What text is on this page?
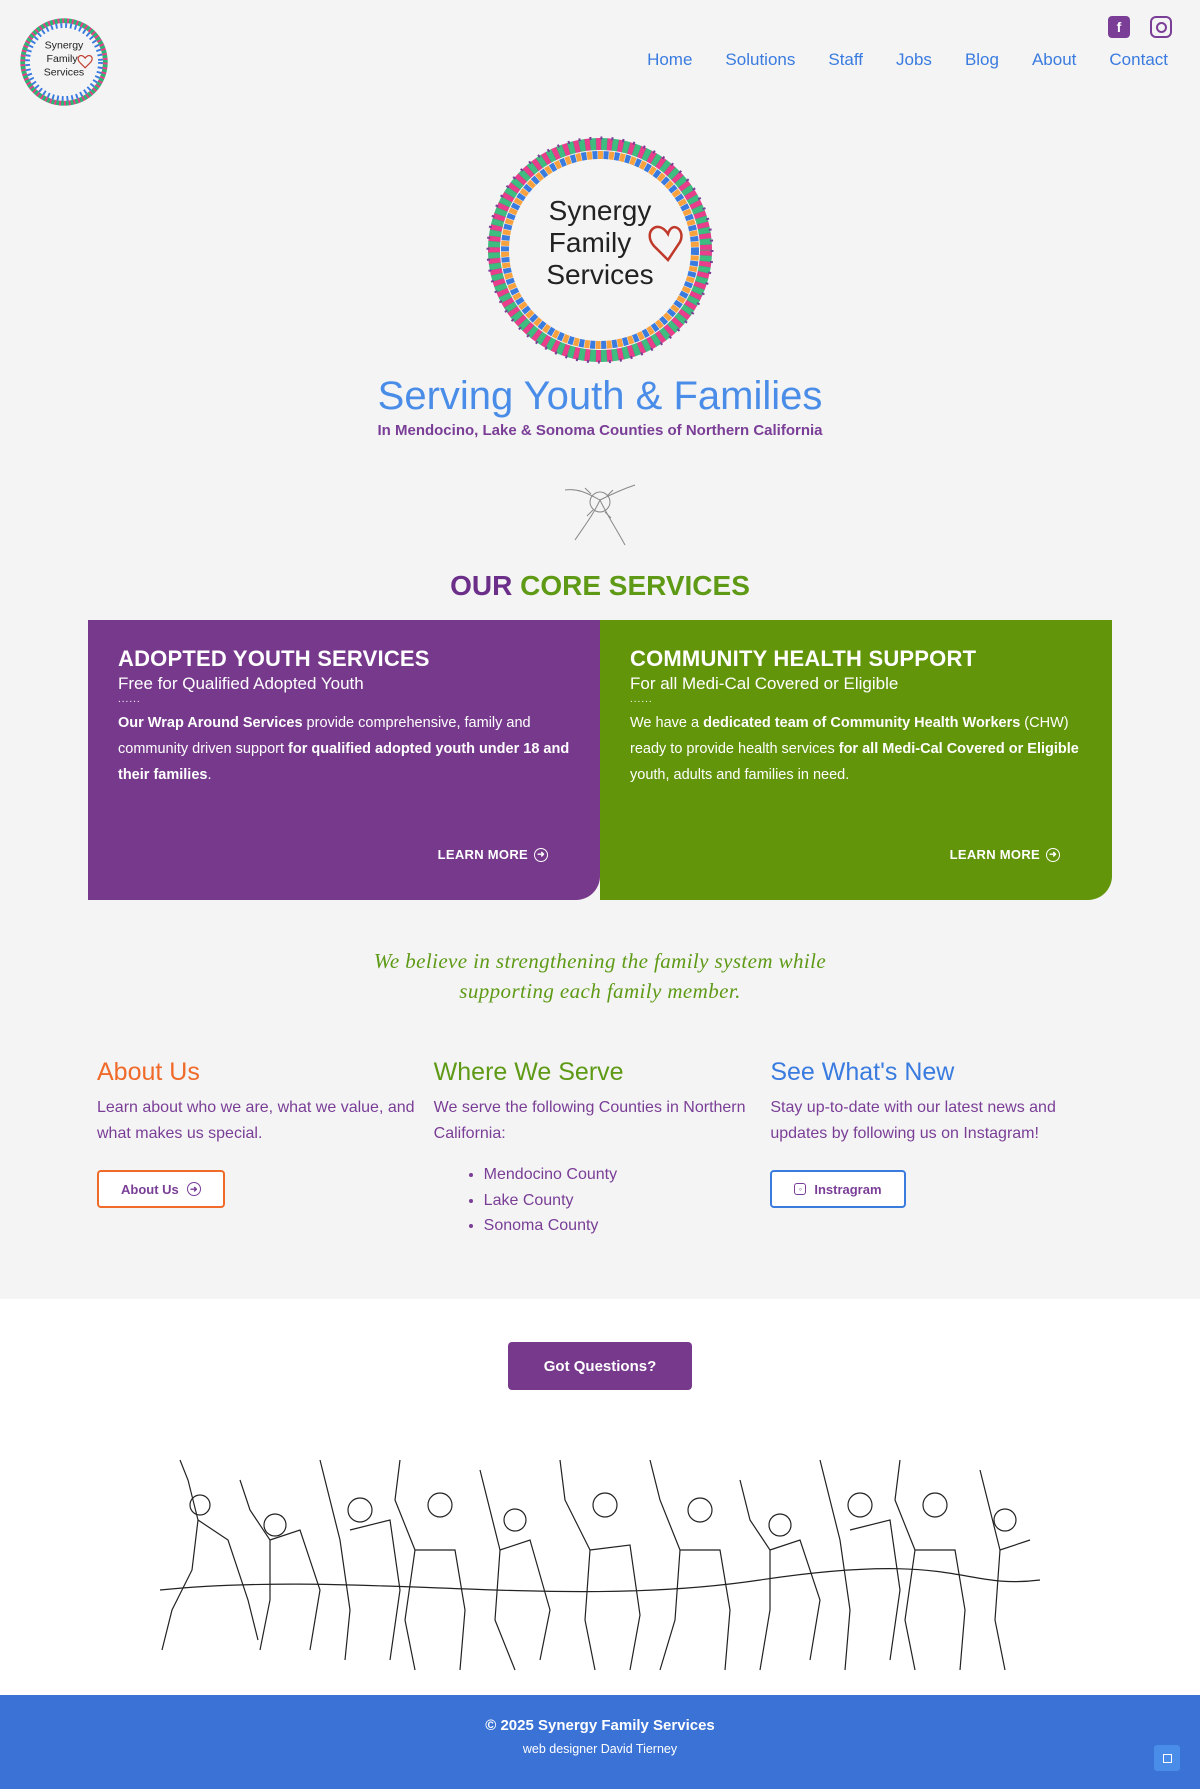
Synergy
Family
Services
f
Home Solutions Staff Jobs Blog About Contact
Synergy
Family
Services
Serving Youth & Families
In Mendocino, Lake & Sonoma Counties of Northern California
OUR CORE SERVICES
ADOPTED YOUTH SERVICES
Free for Qualified Adopted Youth
......

Our Wrap Around Services provide comprehensive, family and community driven support for qualified adopted youth under 18 and their families.

LEARN MORE	➜
COMMUNITY HEALTH SUPPORT
For all Medi-Cal Covered or Eligible
......

We have a dedicated team of Community Health Workers (CHW) ready to provide health services for all Medi-Cal Covered or Eligible youth, adults and families in need.

LEARN MORE	➜
We believe in strengthening the family system while
supporting each family member.
About Us

Learn about who we are, what we value, and what makes us special.

About Us	➜
Where We Serve

We serve the following Counties in Northern California:

• Mendocino County
• Lake County
• Sonoma County
See What's New

Stay up-to-date with our latest news and updates by following us on Instagram!

◦ Instragram
Got Questions?
© 2025 Synergy Family Services
web designer David Tierney
